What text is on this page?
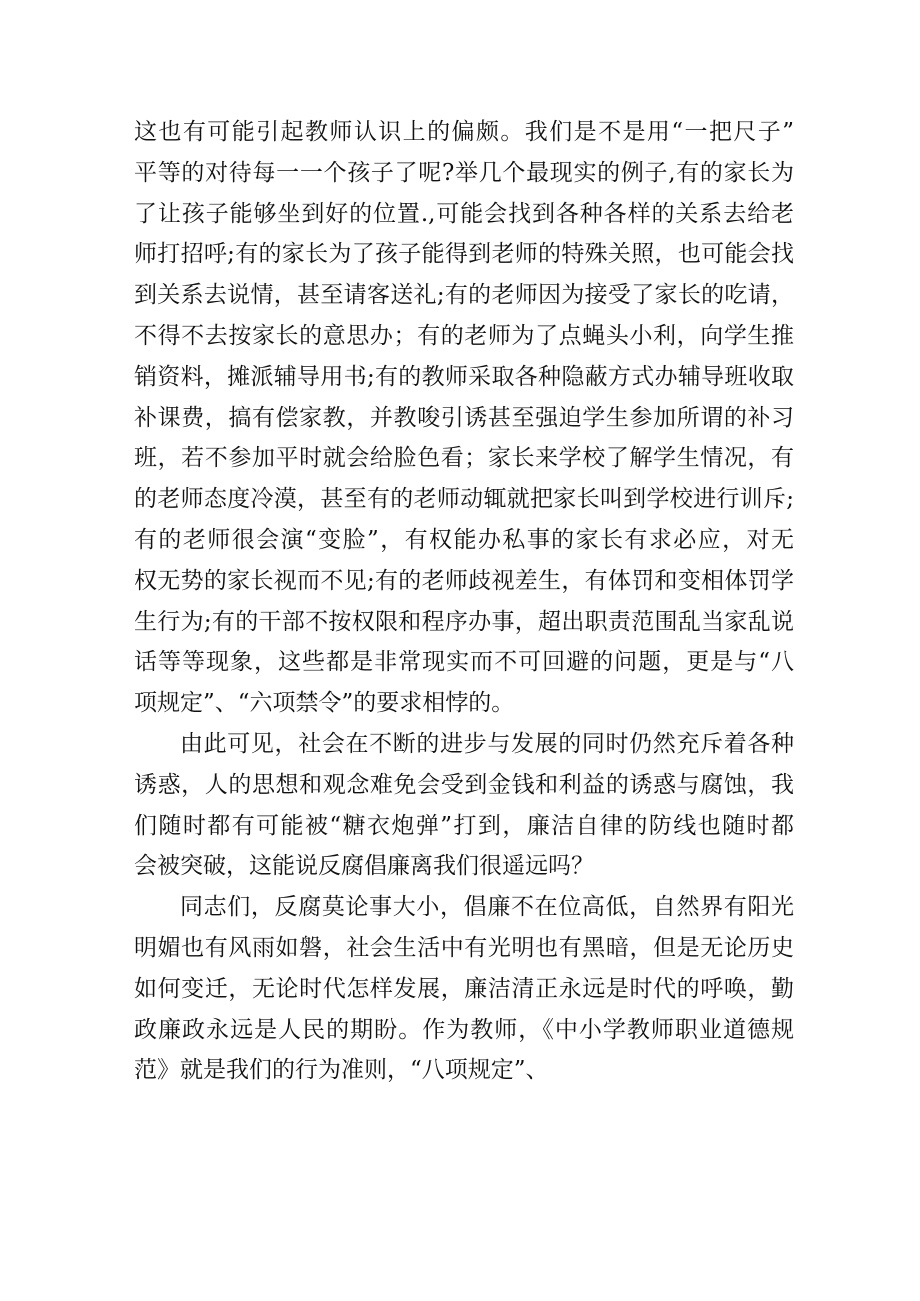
这也有可能引起教师认识上的偏颇。我们是不是用“一把尺子”
平等的对待每一一个孩子了呢?举几个最现实的例子,有的家长为
了让孩子能够坐到好的位置.,可能会找到各种各样的关系去给老
师打招呼;有的家长为了孩子能得到老师的特殊关照，也可能会找
到关系去说情，甚至请客送礼;有的老师因为接受了家长的吃请，
不得不去按家长的意思办；有的老师为了点蝇头小利，向学生推
销资料，摊派辅导用书;有的教师采取各种隐蔽方式办辅导班收取
补课费，搞有偿家教，并教唆引诱甚至强迫学生参加所谓的补习
班，若不参加平时就会给脸色看；家长来学校了解学生情况，有
的老师态度冷漠，甚至有的老师动辄就把家长叫到学校进行训斥;
有的老师很会演“变脸”，有权能办私事的家长有求必应，对无
权无势的家长视而不见;有的老师歧视差生，有体罚和变相体罚学
生行为;有的干部不按权限和程序办事，超出职责范围乱当家乱说
话等等现象，这些都是非常现实而不可回避的问题，更是与“八
项规定”、“六项禁令”的要求相悖的。
由此可见，社会在不断的进步与发展的同时仍然充斥着各种
诱惑，人的思想和观念难免会受到金钱和利益的诱惑与腐蚀，我
们随时都有可能被“糖衣炮弹”打到，廉洁自律的防线也随时都
会被突破，这能说反腐倡廉离我们很遥远吗？
同志们，反腐莫论事大小，倡廉不在位高低，自然界有阳光
明媚也有风雨如磐，社会生活中有光明也有黑暗，但是无论历史
如何变迁，无论时代怎样发展，廉洁清正永远是时代的呼唤，勤
政廉政永远是人民的期盼。作为教师，《中小学教师职业道德规
范》就是我们的行为准则，“八项规定”、
